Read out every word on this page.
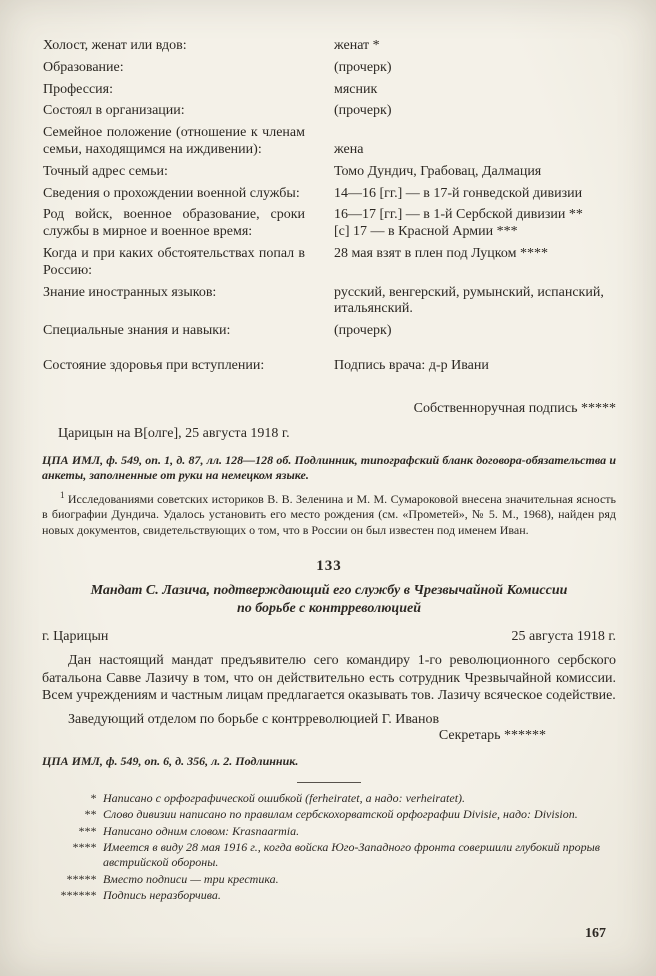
Холост, женат или вдов:	женат *
Образование:	(прочерк)
Профессия:	мясник
Состоял в организации:	(прочерк)
Семейное положение (отношение к членам семьи, находящимся на иждивении):	жена
Точный адрес семьи:	Томо Дундич, Грабовац, Далмация
Сведения о прохождении военной службы:	14—16 [гг.] — в 17-й гонведской дивизии
Род войск, военное образование, сроки службы в мирное и военное время:	16—17 [гг.] — в 1-й Сербской дивизии **
[с] 17 — в Красной Армии ***

Когда и при каких обстоятельствах попал в Россию:	28 мая взят в плен под Луцком ****
Знание иностранных языков:	русский, венгерский, румынский, испанский, итальянский.
Специальные знания и навыки:	(прочерк)
Состояние здоровья при вступлении:	Подпись врача: д-р Ивани
Собственноручная подпись *****
Царицын на В[олге], 25 августа 1918 г.
ЦПА ИМЛ, ф. 549, оп. 1, д. 87, лл. 128—128 об. Подлинник, типографский бланк договора-обязательства и анкеты, заполненные от руки на немецком языке.
$^1$ Исследованиями советских историков В. В. Зеленина и М. М. Сумароковой внесена значительная ясность в биографии Дундича. Удалось установить его место рождения (см. «Прометей», № 5. М., 1968), найден ряд новых документов, свидетельствующих о том, что в России он был известен под именем Иван.
133
Мандат С. Лазича, подтверждающий его службу в Чрезвычайной Комиссии по борьбе с контрреволюцией
г. Царицын	25 августа 1918 г.
Дан настоящий мандат предъявителю сего командиру 1-го революционного сербского батальона Савве Лазичу в том, что он действительно есть сотрудник Чрезвычайной комиссии. Всем учреждениям и частным лицам предлагается оказывать тов. Лазичу всяческое содействие.
Заведующий отделом по борьбе с контрреволюцией Г. Иванов
Секретарь ******
ЦПА ИМЛ, ф. 549, оп. 6, д. 356, л. 2. Подлинник.
* Написано с орфографической ошибкой (ferheiratet, а надо: verheiratet).
** Слово дивизии написано по правилам сербскохорватской орфографии Divisie, надо: Division.
*** Написано одним словом: Krasnaarmia.
**** Имеется в виду 28 мая 1916 г., когда войска Юго-Западного фронта совершили глубокий прорыв австрийской обороны.
***** Вместо подписи — три крестика.
****** Подпись неразборчива.
167
